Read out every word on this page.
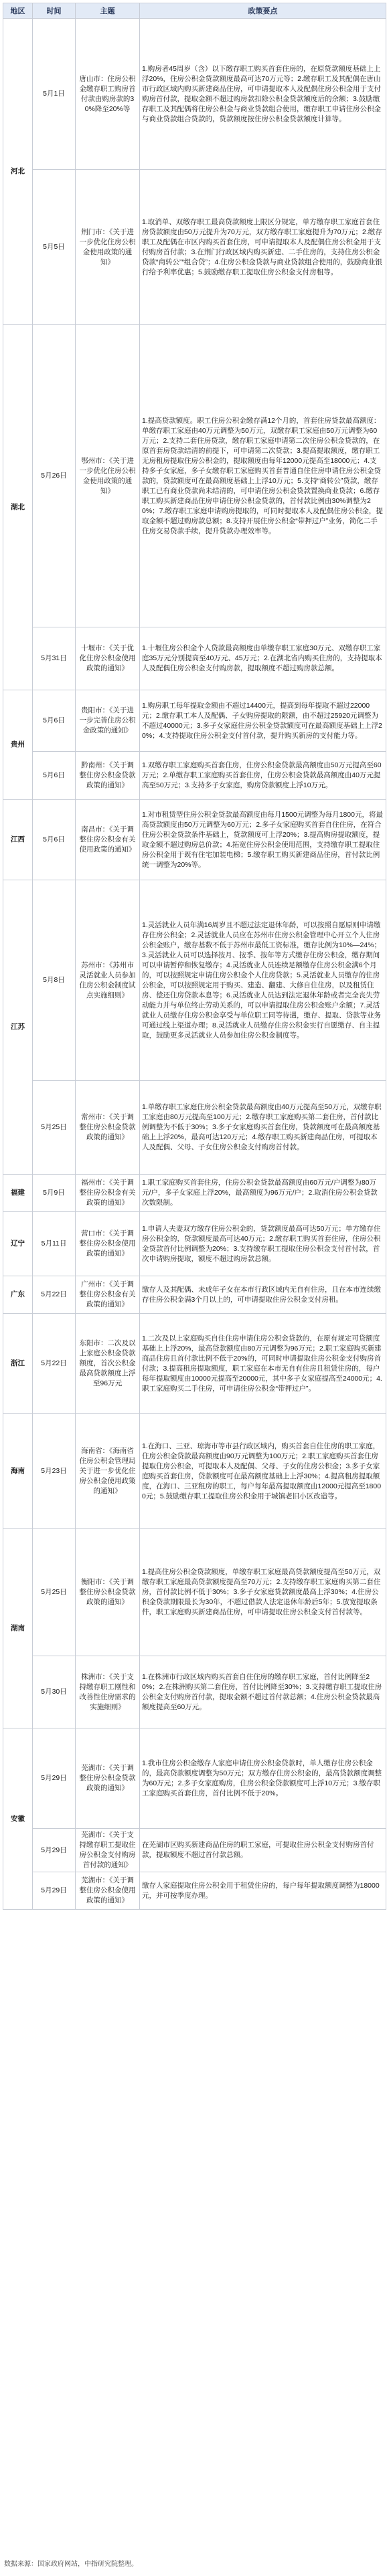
地区	时间	主题	政策要点
河北	5月1日	唐山市：住房公积金缴存职工购房首付款由购房款的30%降至20%等	1.购房者45周岁（含）以下缴存职工购买首套住房的，在原贷款额度基础上上浮20%，住房公积金贷款额度最高可达70万元等；2.缴存职工及其配偶在唐山市行政区域内购买新建商品住房，可申请提取本人及配偶住房公积金用于支付购房首付款，提取金额不超过购房款扣除公积金贷款额度后的余额；3.鼓励缴存职工及其配偶将住房公积金与商业贷款组合使用，缴存职工申请住房公积金与商业贷款组合贷款的，贷款额度按住房公积金贷款额度计算等。
	5月5日	荆门市：《关于进一步优化住房公积金使用政策的通知》	1.取消单、双缴存职工最高贷款额度上限区分规定，单方缴存职工家庭首套住房贷款额度由50万元提升为70万元，双方缴存职工家庭提升为70万元；2.缴存职工及配偶在市区内购买首套住房，可申请提取本人及配偶住房公积金用于支付购房首付款；3.在荆门行政区域内购买新建、二手住房的，支持住房公积金贷款“商转公”“组合贷”；4.住房公积金贷款与商业贷款组合使用的，鼓励商业银行给予利率优惠；5.鼓励缴存职工提取住房公积金支付房租等。
湖北	5月26日	鄂州市：《关于进一步优化住房公积金使用政策的通知》	1.提高贷款额度。职工住房公积金缴存满12个月的，首套住房贷款最高额度：单缴存职工家庭由40万元调整为50万元，双缴存职工家庭由50万元调整为60万元；2.支持二套住房贷款，缴存职工家庭申请第二次住房公积金贷款的，在原首套房贷款结清的前提下，可申请第二次贷款；3.提高提取额度，缴存职工无房租房提取住房公积金的，提取额度由每年12000元提高至18000元；4.支持多子女家庭，多子女缴存职工家庭购买首套普通自住住房申请住房公积金贷款的，贷款额度可在最高额度基础上上浮10万元；5.支持“商转公”贷款，缴存职工已有商业贷款尚未结清的，可申请住房公积金贷款置换商业贷款；6.缴存职工购买新建商品住房申请住房公积金贷款的，首付款比例由30%调整为20%；7.缴存职工家庭申请购房提取的，可同时提取本人及配偶住房公积金，提取金额不超过购房款总额；8.支持开展住房公积金“带押过户”业务，简化二手住房交易贷款手续，提升贷款办理效率等。
	5月31日	十堰市：《关于优化住房公积金使用政策的通知》	1.十堰住房公积金个人贷款最高额度由单缴存职工家庭30万元、双缴存职工家庭35万元分别提高至40万元、45万元；2.在湖北省内购买住房的，支持提取本人及配偶住房公积金支付购房款，提取额度不超过购房款总额。
贵州	5月6日	贵阳市：《关于进一步完善住房公积金政策的通知》	1.购房职工每年提取金额由不超过14400元，提高到每年提取不超过22000元；2.缴存职工本人及配偶、子女购房提取的限额，由不超过25920元调整为不超过40000元；3.多子女家庭住房公积金贷款额度可在最高额度基础上上浮20%；4.支持提取住房公积金支付首付款，提升购买新房的支付能力等。
	5月6日	黔南州：《关于调整住房公积金贷款政策的通知》	1.双缴存职工家庭购买首套住房，住房公积金贷款最高额度由50万元提高至60万元；2.单缴存职工家庭购买首套住房，住房公积金贷款最高额度由40万元提高至50万元；3.支持多子女家庭，购房贷款额度上浮10万元。
江西	5月6日	南昌市：《关于调整住房公积金有关使用政策的通知》	1.对市租赁型住房公积金贷款最高额度由每月1500元调整为每月1800元，将最高贷款额度由50万元调整为60万元；2.多子女家庭购买首套自住住房，在符合住房公积金贷款条件基础上，贷款额度可上浮20%；3.提高购房提取额度，提取金额不超过购房总价款；4.拓宽住房公积金使用范围，支持缴存职工提取住房公积金用于既有住宅加装电梯；5.缴存职工购买新建商品住房，首付款比例统一调整为20%等。
江苏	5月8日	苏州市：《苏州市灵活就业人员参加住房公积金制度试点实施细则》	1.灵活就业人员年满16周岁且不超过法定退休年龄，可以按照自愿原则申请缴存住房公积金；2.灵活就业人员应在苏州市住房公积金管理中心开立个人住房公积金账户，缴存基数不低于苏州市最低工资标准，缴存比例为10%—24%；3.灵活就业人员可以选择按月、按季、按年等方式缴存住房公积金，缴存期间可以申请暂停和恢复缴存；4.灵活就业人员连续足额缴存住房公积金满6个月的，可以按照规定申请住房公积金个人住房贷款；5.灵活就业人员缴存的住房公积金，可以按照规定用于购买、建造、翻建、大修自住住房，以及租赁住房、偿还住房贷款本息等；6.灵活就业人员达到法定退休年龄或者完全丧失劳动能力并与单位终止劳动关系的，可以申请提取住房公积金账户余额；7.灵活就业人员缴存住房公积金享受与单位职工同等待遇，缴存、提取、贷款等业务可通过线上渠道办理；8.灵活就业人员缴存住房公积金实行自愿缴存、自主提取，鼓励更多灵活就业人员参加住房公积金制度等。
	5月25日	常州市：《关于调整住房公积金贷款政策的通知》	1.单缴存职工家庭住房公积金贷款最高额度由40万元提高至50万元，双缴存职工家庭由80万元提高至100万元；2.缴存职工家庭购买第二套住房，首付款比例调整为不低于30%；3.多子女家庭购买首套住房，贷款额度可在最高额度基础上上浮20%，最高可达120万元；4.缴存职工购买新建商品住房，可提取本人及配偶、父母、子女住房公积金支付购房首付款。
福建	5月9日	福州市：《关于调整住房公积金有关政策的通知》	1.职工家庭购买首套住房，住房公积金贷款最高额度由60万元/户调整为80万元/户，多子女家庭上浮20%，最高额度为96万元/户；2.取消住房公积金贷款次数限制。
辽宁	5月11日	营口市：《关于调整住房公积金使用政策的通知》	1.申请人夫妻双方缴存住房公积金的，贷款额度最高可达50万元；单方缴存住房公积金的，贷款额度最高可达40万元；2.缴存职工购买首套住房，住房公积金贷款首付比例调整为20%；3.支持缴存职工提取住房公积金支付首付款，首次申请购房提取，额度不超过购房款总额。
广东	5月22日	广州市：《关于调整住房公积金有关政策的通知》	缴存人及其配偶、未成年子女在本市行政区域内无自有住房，且在本市连续缴存住房公积金满3个月以上的，可申请提取住房公积金支付房租。
浙江	5月22日	东阳市：二次及以上家庭公积金贷款额度，首次公积金最高贷款额度上浮至96万元	1.二次及以上家庭购买自住住房申请住房公积金贷款的，在原有规定可贷额度基础上上浮20%，最高贷款额度由80万元调整为96万元；2.职工家庭购买新建商品住房且首付款比例不低于20%的，可同时申请提取住房公积金支付购房首付款；3.提高租房提取额度，职工家庭在本市无自有住房且租赁住房的，每户每年提取额度由10000元提高至20000元，其中多子女家庭提高至24000元；4.职工家庭购买二手住房，可申请住房公积金“带押过户”。
海南	5月23日	海南省：《海南省住房公积金管理局关于进一步优化住房公积金使用政策的通知》	1.在海口、三亚、琼海市等市县行政区域内，购买首套自住住房的职工家庭，住房公积金贷款最高额度由90万元调整为100万元；2.职工家庭购买首套住房提取住房公积金，可提取本人及配偶、父母、子女的住房公积金；3.多子女家庭购买首套住房，贷款额度可在最高额度基础上上浮30%；4.提高租房提取额度，在海口、三亚租房的职工，每户每年最高提取额度由12000元提高至18000元；5.鼓励缴存职工提取住房公积金用于城镇老旧小区改造等。
湖南	5月25日	衡阳市：《关于调整住房公积金贷款政策的通知》	1.提高住房公积金贷款额度，单缴存职工家庭最高贷款额度提高至50万元，双缴存职工家庭最高贷款额度提高至70万元；2.支持缴存职工家庭购买第二套住房，首付款比例不低于30%；3.多子女家庭贷款额度最高上浮30%；4.住房公积金贷款期限最长为30年，不超过借款人法定退休年龄后5年；5.放宽提取条件，职工家庭购买新建商品住房，可申请提取住房公积金支付首付款等。
	5月30日	株洲市：《关于支持缴存职工刚性和改善性住房需求的实施细则》	1.在株洲市行政区域内购买首套自住住房的缴存职工家庭，首付比例降至20%；2.在株洲购买第二套住房，首付比例降至30%；3.支持缴存职工提取住房公积金支付购房首付款，提取金额不超过首付款总额；4.住房公积金贷款最高额度提高至60万元。
安徽	5月29日	芜湖市：《关于调整住房公积金贷款政策的通知》	1.我市住房公积金缴存人家庭申请住房公积金贷款时，单人缴存住房公积金的，最高贷款额度调整为50万元；双方缴存住房公积金的，最高贷款额度调整为60万元；2.多子女家庭购房，住房公积金贷款额度可上浮10万元；3.缴存职工家庭购买首套住房，首付比例不低于20%。
	5月29日	芜湖市：《关于支持缴存职工提取住房公积金支付购房首付款的通知》	在芜湖市区购买新建商品住房的职工家庭，可提取住房公积金支付购房首付款，提取额度不超过首付款总额。
	5月29日	芜湖市：《关于调整住房公积金使用政策的通知》	缴存人家庭提取住房公积金用于租赁住房的，每户每年提取额度调整为18000元，并可按季度办理。
数据来源：国家政府网站，中指研究院整理。
